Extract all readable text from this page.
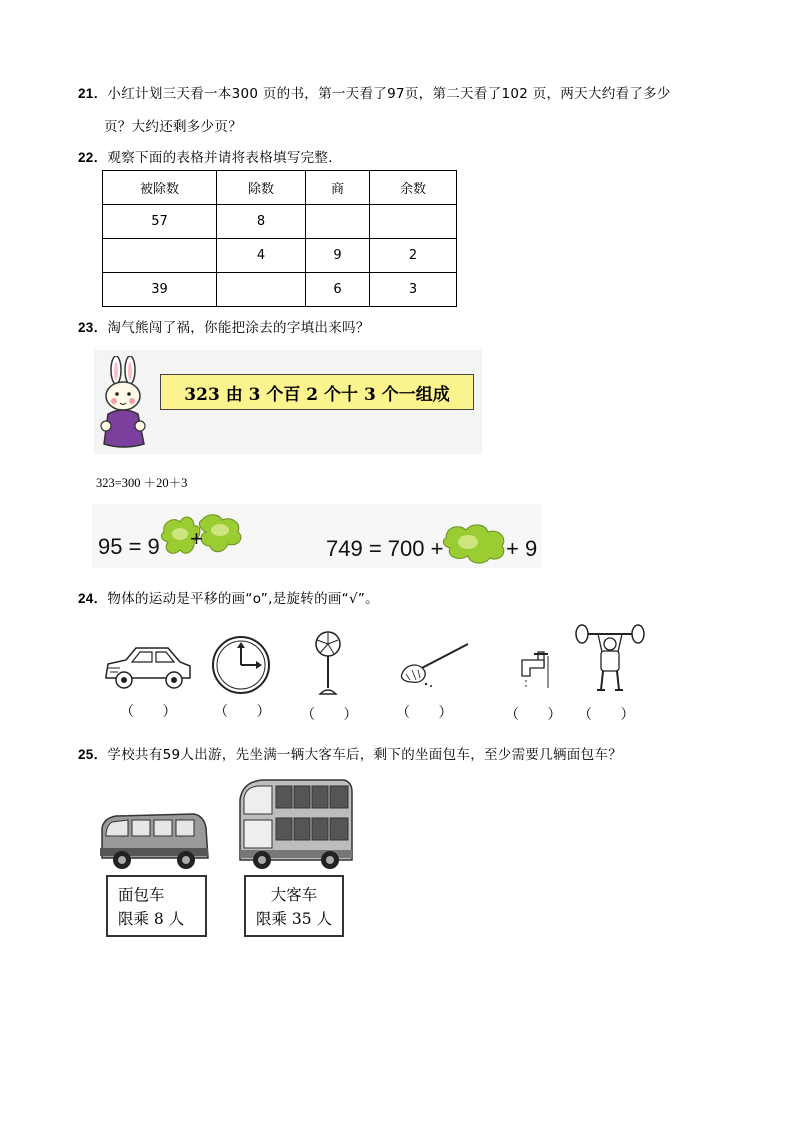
21．小红计划三天看一本300 页的书，第一天看了97页，第二天看了102 页，两天大约看了多少
页？大约还剩多少页？
22．观察下面的表格并请将表格填写完整．
被除数	除数	商	余数
57	8		
	4	9	2
39		6	3
23．淘气熊闯了祸，你能把涂去的字填出来吗？
323 由 3 个百 2 个十 3 个一组成
323=300 ＋20＋3
95 = 9 +	749 = 700 +	+ 9
24．物体的运动是平移的画“o”,是旋转的画“√”。
（ ） （ ） （ ） （ ）	（ ） （ ）
25．学校共有59人出游，先坐满一辆大客车后，剩下的坐面包车，至少需要几辆面包车？
面包车
限乘 8 人
大客车
限乘 35 人
